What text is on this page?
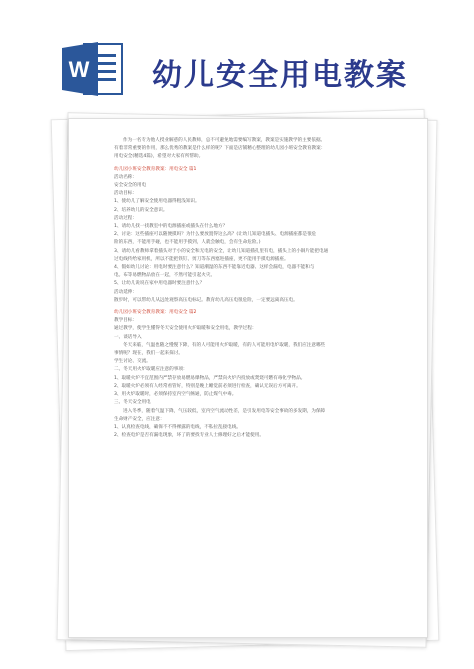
W 幼儿安全用电教案
作为一名专为他人授业解惑的人民教师，总不可避免地需要编写教案，教案是实施教学的主要依据。
有着非常重要的作用，那么优秀的教案是什么样的呢？下面是店铺精心整理的幼儿园小班安全教育教案：
用电安全(精选4篇)，希望对大家有所帮助。
幼儿园小班安全教育教案：用电安全 篇1
活动名称：
安全安全的用电
活动目标：
1、使幼儿了解安全使用电器得粗浅知识。
2、培养幼儿的安全意识。
活动过程：
1、请幼儿找一找教室中的电源插座或插头在什么地方？
2、讨论：这些插座可以随便摸吗？为什么要放置得这么高？(让幼儿知道电插头、电源插座都是很危
险的东西，不能用手碰，也不能用手摸到，人就会触电，会有生命危险。)
3、请幼儿看教师拿着插头对于小的安全和无电的安全，让幼儿知道插孔里有电，插头上的小铜片能把电通
过电线传给家用机，所以不能把铁钉、剪刀等东西塞进插座，更不能用手摸电源插座。
4、假如幼儿讨论：用电时要注意什么？知道潮湿的东西不能靠近电器、这样会漏电，电器不能和与
电。布等易燃物品放在一起，不然可能引起火灾。
5、让幼儿说说在家中用电器时要注意什么？
活动延伸：
散步时，可以带幼儿从远处观察高压电标记。教育幼儿高压电很危险，一定要远离高压电。
幼儿园小班安全教育教案：用电安全 篇2
教学目标：
通过教学，使学生懂得冬天安全使用火炉取暖和安全用电，教学过程：
一、谈话导入
冬天来临，气温也随之慢慢下降，有的人可能用火炉取暖，有的人可能用电炉取暖，我们应注意哪些
事情呢？现在，我们一起来探讨。
学生讨论、交流。
二、冬天用火炉取暖应注意的事项：
1、取暖火炉不宜范围内严禁存放易燃易爆物品，严禁向火炉内投放或焚烧可燃有毒化学物品。
2、取暖火炉必须有人经常看管好，特别是晚上睡觉前必须进行检查，确认无误后方可离开。
3、用火炉取暖时，必须保持室内空气畅通，防止煤气中毒。
三、冬天安全用电
进入冬季，随着气温下降，气压较低，室内空气流动性差，是引发用电等安全事故的多发期，为保障
生命财产安全，应注意：
1、认真检查电线，确保不不得裸露的电线，不私拉乱接电线。
2、检查电炉是否有漏电现象，坏了的要找专业人士修理好之后才能使用。
